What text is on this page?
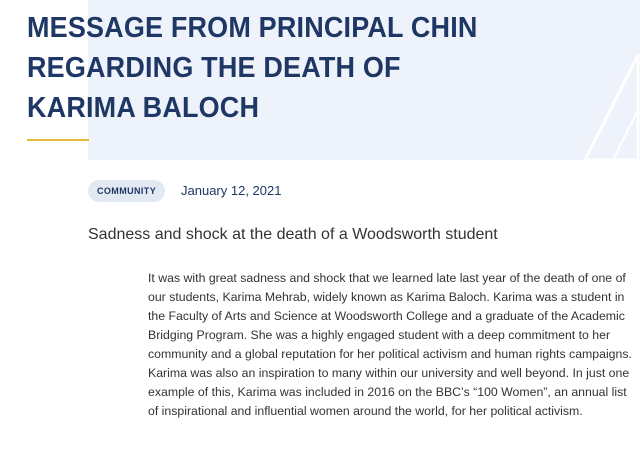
MESSAGE FROM PRINCIPAL CHIN REGARDING THE DEATH OF KARIMA BALOCH
COMMUNITY	January 12, 2021
Sadness and shock at the death of a Woodsworth student

It was with great sadness and shock that we learned late last year of the death of one of our students, Karima Mehrab, widely known as Karima Baloch. Karima was a student in the Faculty of Arts and Science at Woodsworth College and a graduate of the Academic Bridging Program. She was a highly engaged student with a deep commitment to her community and a global reputation for her political activism and human rights campaigns. Karima was also an inspiration to many within our university and well beyond. In just one example of this, Karima was included in 2016 on the BBC’s “100 Women”, an annual list of inspirational and influential women around the world, for her political activism.
